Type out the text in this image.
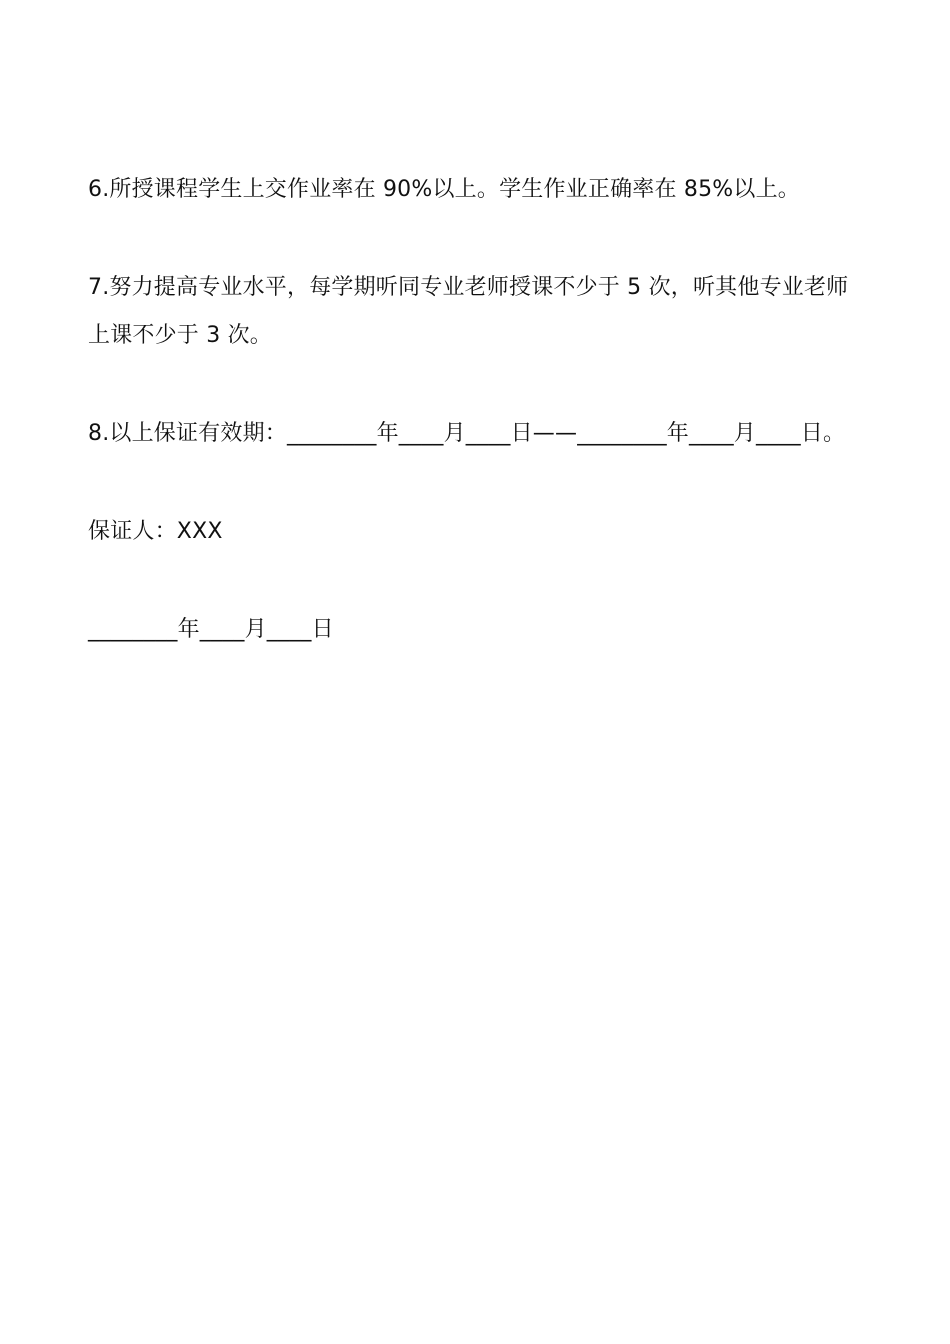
6.所授课程学生上交作业率在 90%以上。学生作业正确率在 85%以上。

7.努力提高专业水平，每学期听同专业老师授课不少于 5 次，听其他专业老师上课不少于 3 次。

8.以上保证有效期：________年____月____日——________年____月____日。

保证人：XXX

________年____月____日
